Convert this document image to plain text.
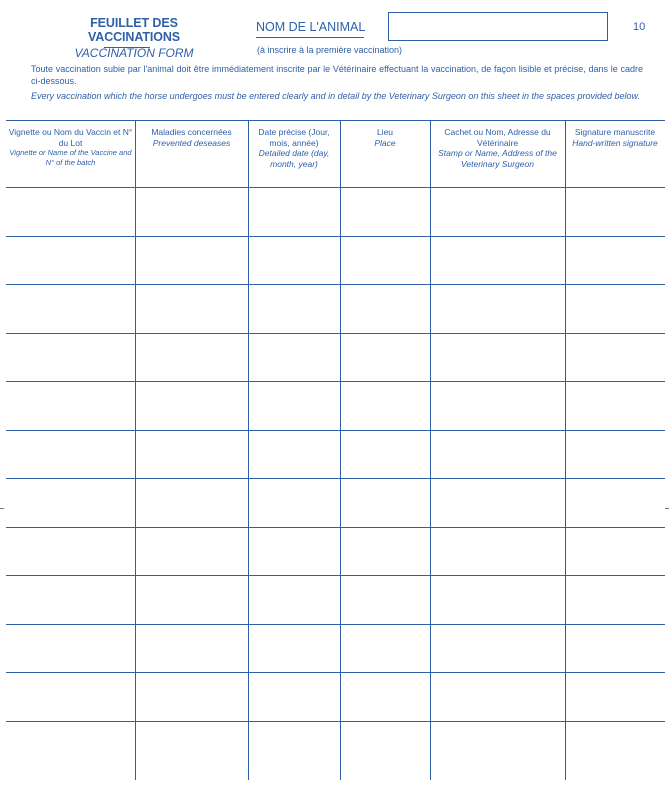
FEUILLET DES VACCINATIONS
VACCINATION FORM
NOM DE L'ANIMAL	10
(à inscrire à la première vaccination)
Toute vaccination subie par l'animal doit être immédiatement inscrite par le Vétérinaire effectuant la vaccination, de façon lisible et précise, dans le cadre ci-dessous.
Every vaccination which the horse undergoes must be entered clearly and in detail by the Veterinary Surgeon on this sheet in the spaces provided below.
Vignette ou Nom du Vaccin et N° du Lot
Vignette or Name of the Vaccine and N° of the batch
Maladies concernées
Prevented deseases
Date précise (Jour, mois, année)
Detailed date (day, month, year)
Lieu
Place
Cachet ou Nom, Adresse du Vétérinaire
Stamp or Name, Address of the Veterinary Surgeon
Signature manuscrite
Hand-written signature
